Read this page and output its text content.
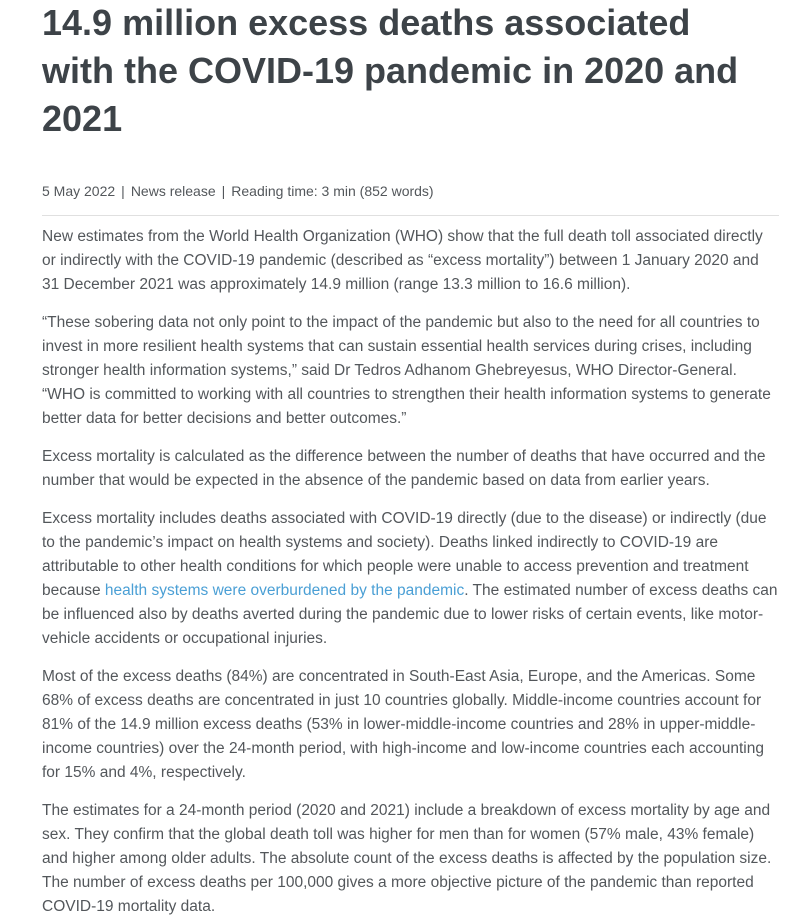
14.9 million excess deaths associated with the COVID-19 pandemic in 2020 and 2021
5 May 2022 | News release | Reading time: 3 min (852 words)

New estimates from the World Health Organization (WHO) show that the full death toll associated directly or indirectly with the COVID-19 pandemic (described as “excess mortality”) between 1 January 2020 and 31 December 2021 was approximately 14.9 million (range 13.3 million to 16.6 million).

“These sobering data not only point to the impact of the pandemic but also to the need for all countries to invest in more resilient health systems that can sustain essential health services during crises, including stronger health information systems,” said Dr Tedros Adhanom Ghebreyesus, WHO Director-General. “WHO is committed to working with all countries to strengthen their health information systems to generate better data for better decisions and better outcomes.”

Excess mortality is calculated as the difference between the number of deaths that have occurred and the number that would be expected in the absence of the pandemic based on data from earlier years.

Excess mortality includes deaths associated with COVID-19 directly (due to the disease) or indirectly (due to the pandemic’s impact on health systems and society). Deaths linked indirectly to COVID-19 are attributable to other health conditions for which people were unable to access prevention and treatment because health systems were overburdened by the pandemic. The estimated number of excess deaths can be influenced also by deaths averted during the pandemic due to lower risks of certain events, like motor-vehicle accidents or occupational injuries.

Most of the excess deaths (84%) are concentrated in South-East Asia, Europe, and the Americas. Some 68% of excess deaths are concentrated in just 10 countries globally. Middle-income countries account for 81% of the 14.9 million excess deaths (53% in lower-middle-income countries and 28% in upper-middle-income countries) over the 24-month period, with high-income and low-income countries each accounting for 15% and 4%, respectively.

The estimates for a 24-month period (2020 and 2021) include a breakdown of excess mortality by age and sex. They confirm that the global death toll was higher for men than for women (57% male, 43% female) and higher among older adults. The absolute count of the excess deaths is affected by the population size. The number of excess deaths per 100,000 gives a more objective picture of the pandemic than reported COVID-19 mortality data.
